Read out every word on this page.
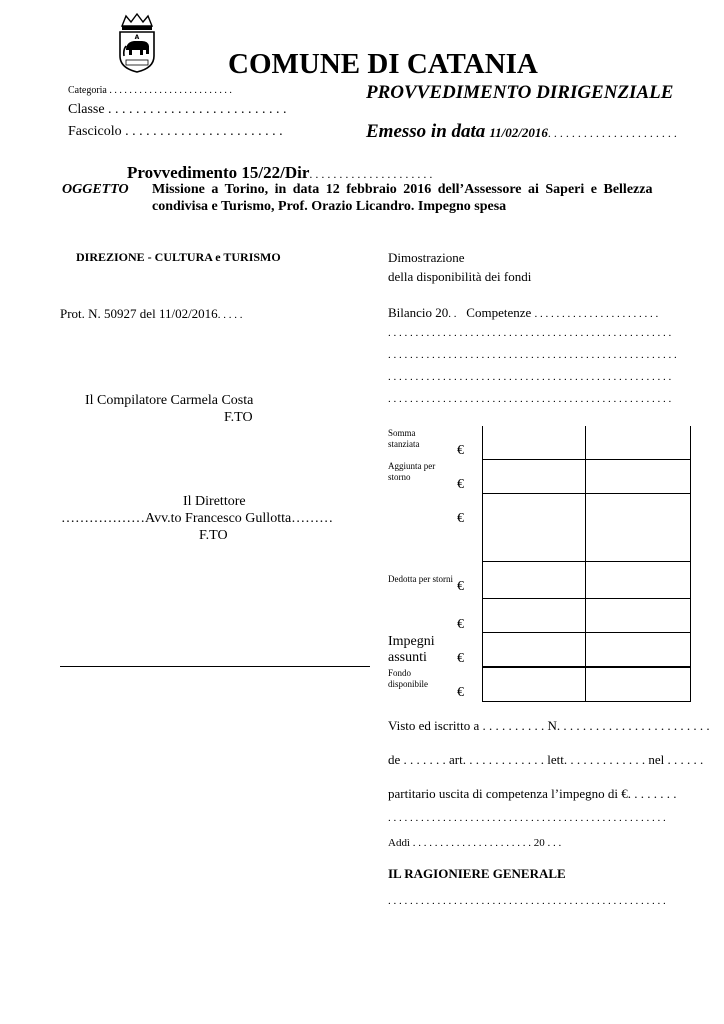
A
COMUNE DI CATANIA
PROVVEDIMENTO DIRIGENZIALE
Categoria . . . . . . . . . . . . . . . . . . . . . . . . .
Classe . . . . . . . . . . . . . . . . . . . . . . . . . .
Fascicolo . . . . . . . . . . . . . . . . . . . . . . .	Emesso in data 11/02/2016. . . . . . . . . . . . . . . . . . . . . .
Provvedimento 15/22/Dir. . . . . . . . . . . . . . . . . . . . .
OGGETTO Missione a Torino, in data 12 febbraio 2016 dell’Assessore ai Saperi e Bellezza
condivisa e Turismo, Prof. Orazio Licandro. Impegno spesa
DIREZIONE - CULTURA e TURISMO
Prot. N. 50927 del 11/02/2016. . . . .
Il Compilatore Carmela Costa
F.TO
Il Direttore
………………Avv.to Francesco Gullotta………
F.TO
Dimostrazione
della disponibilità dei fondi
Bilancio 20. . Competenze . . . . . . . . . . . . . . . . . . . . . . .
. . . . . . . . . . . . . . . . . . . . . . . . . . . . . . . . . . . . . . . . . . . . . . . . . . . .
. . . . . . . . . . . . . . . . . . . . . . . . . . . . . . . . . . . . . . . . . . . . . . . . . . . . .
. . . . . . . . . . . . . . . . . . . . . . . . . . . . . . . . . . . . . . . . . . . . . . . . . . . .
. . . . . . . . . . . . . . . . . . . . . . . . . . . . . . . . . . . . . . . . . . . . . . . . . . . .
Somma stanziata
Aggiunta per storno
Dedotta per storni
Impegni assunti
Fondo disponibile
€
€
€
€
€
€
€
Visto ed iscritto a . . . . . . . . . . N. . . . . . . . . . . . . . . . . . . . . . . .
de . . . . . . . art. . . . . . . . . . . . . lett. . . . . . . . . . . . . nel . . . . . .
partitario uscita di competenza l’impegno di €. . . . . . . .
. . . . . . . . . . . . . . . . . . . . . . . . . . . . . . . . . . . . . . . . . . . . . . . . . . .
Addì . . . . . . . . . . . . . . . . . . . . . . 20 . . .
IL RAGIONIERE GENERALE
. . . . . . . . . . . . . . . . . . . . . . . . . . . . . . . . . . . . . . . . . . . . . . . . . . .
